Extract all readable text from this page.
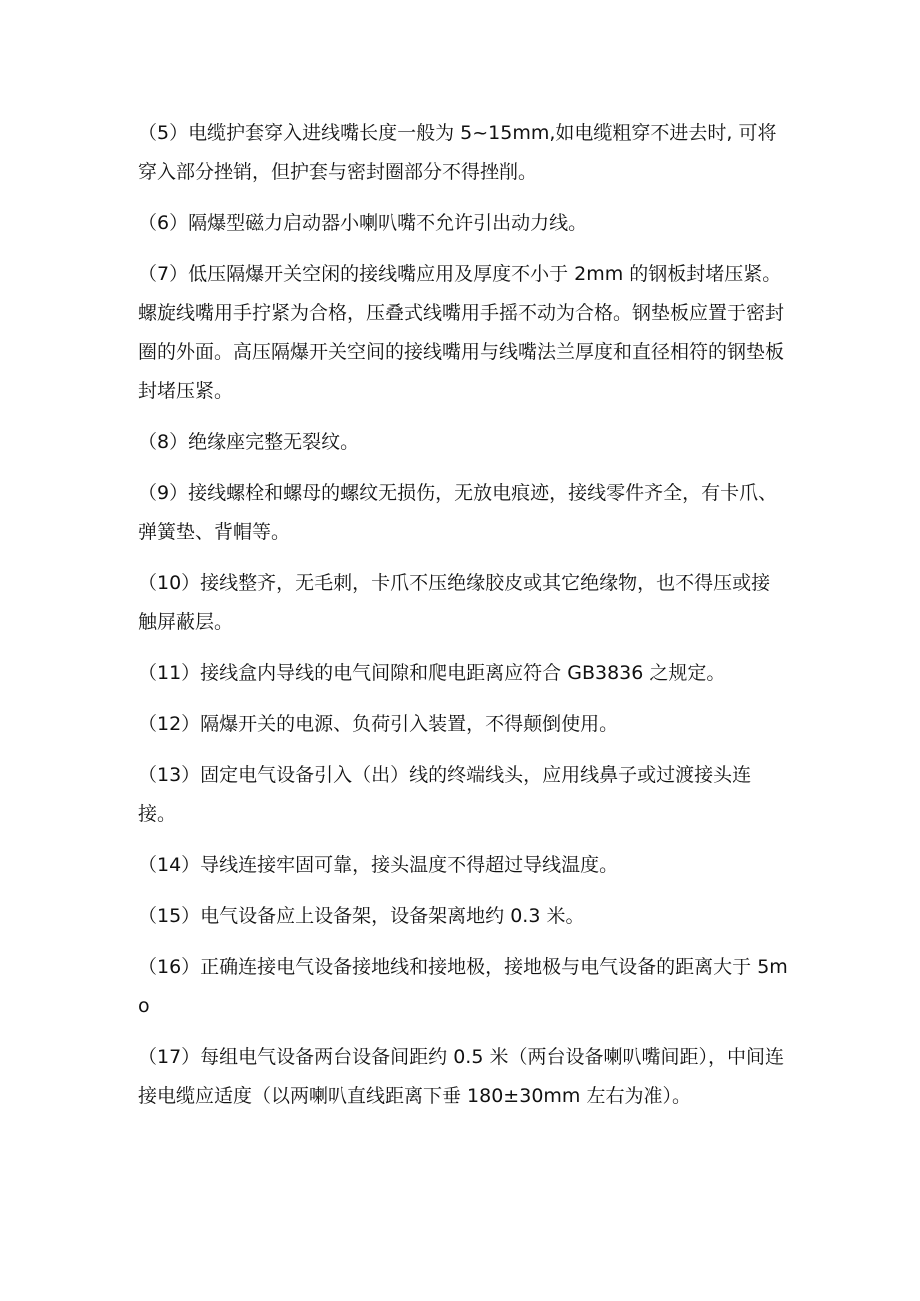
（5）电缆护套穿入进线嘴长度一般为 5~15mm,如电缆粗穿不进去时, 可将穿入部分挫销，但护套与密封圈部分不得挫削。

（6）隔爆型磁力启动器小喇叭嘴不允许引出动力线。

（7）低压隔爆开关空闲的接线嘴应用及厚度不小于 2mm 的钢板封堵压紧。螺旋线嘴用手拧紧为合格，压叠式线嘴用手摇不动为合格。钢垫板应置于密封圈的外面。高压隔爆开关空间的接线嘴用与线嘴法兰厚度和直径相符的钢垫板封堵压紧。

（8）绝缘座完整无裂纹。

（9）接线螺栓和螺母的螺纹无损伤，无放电痕迹，接线零件齐全，有卡爪、弹簧垫、背帽等。

（10）接线整齐，无毛刺，卡爪不压绝缘胶皮或其它绝缘物，也不得压或接触屏蔽层。

（11）接线盒内导线的电气间隙和爬电距离应符合 GB3836 之规定。

（12）隔爆开关的电源、负荷引入装置，不得颠倒使用。

（13）固定电气设备引入（出）线的终端线头，应用线鼻子或过渡接头连接。

（14）导线连接牢固可靠，接头温度不得超过导线温度。

（15）电气设备应上设备架，设备架离地约 0.3 米。

（16）正确连接电气设备接地线和接地极，接地极与电气设备的距离大于 5mo

（17）每组电气设备两台设备间距约 0.5 米（两台设备喇叭嘴间距），中间连接电缆应适度（以两喇叭直线距离下垂 180±30mm 左右为准）。
